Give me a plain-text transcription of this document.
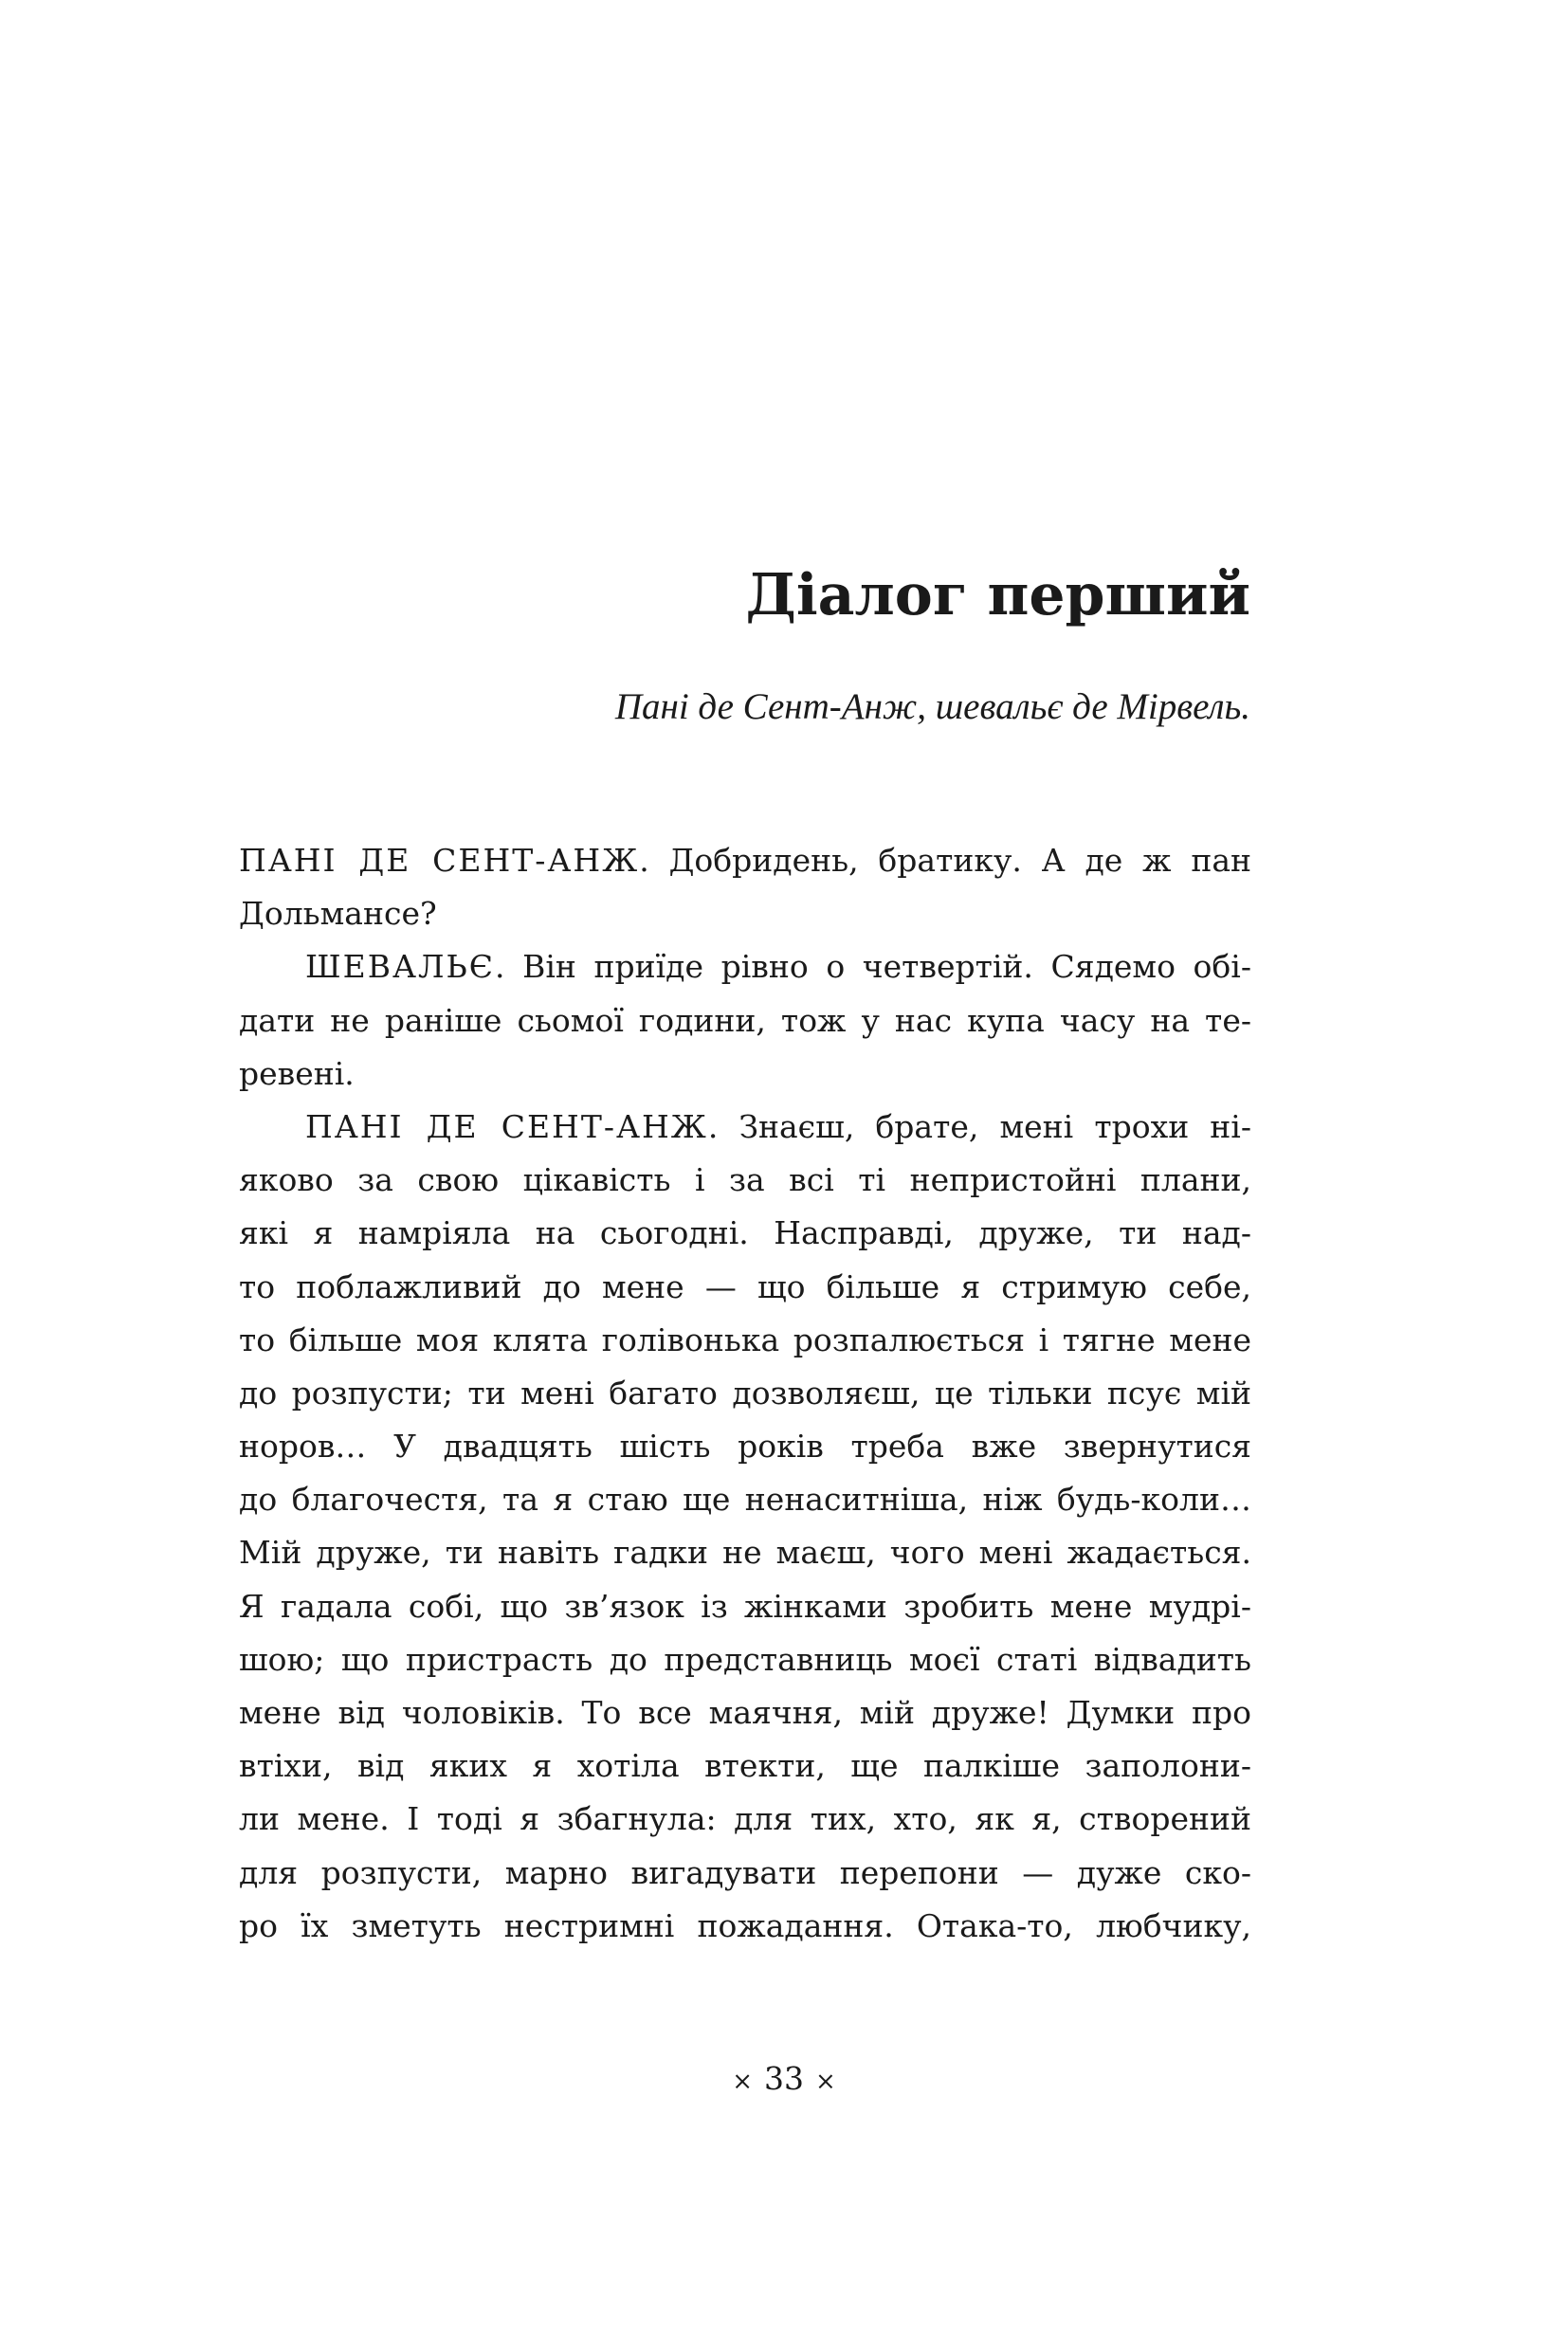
Діалог перший

Пані де Сент-Анж, шевальє де Мірвель.

ПАНІ ДЕ СЕНТ-АНЖ. Добридень, братику. А де ж пан
Дольмансе?
ШЕВАЛЬЄ. Він приїде рівно о четвертій. Сядемо обі-
дати не раніше сьомої години, тож у нас купа часу на те-
ревені.
ПАНІ ДЕ СЕНТ-АНЖ. Знаєш, брате, мені трохи ні-
яково за свою цікавість і за всі ті непристойні плани,
які я намріяла на сьогодні. Насправді, друже, ти над-
то поблажливий до мене — що більше я стримую себе,
то більше моя клята голівонька розпалюється і тягне мене
до розпусти; ти мені багато дозволяєш, це тільки псує мій
норов… У двадцять шість років треба вже звернутися
до благочестя, та я стаю ще ненаситніша, ніж будь-коли…
Мій друже, ти навіть гадки не маєш, чого мені жадається.
Я гадала собі, що зв’язок із жінками зробить мене мудрі-
шою; що пристрасть до представниць моєї статі відвадить
мене від чоловіків. То все маячня, мій друже! Думки про
втіхи, від яких я хотіла втекти, ще палкіше заполони-
ли мене. І тоді я збагнула: для тих, хто, як я, створений
для розпусти, марно вигадувати перепони — дуже ско-
ро їх зметуть нестримні пожадання. Отака-то, любчику,
× 33 ×
